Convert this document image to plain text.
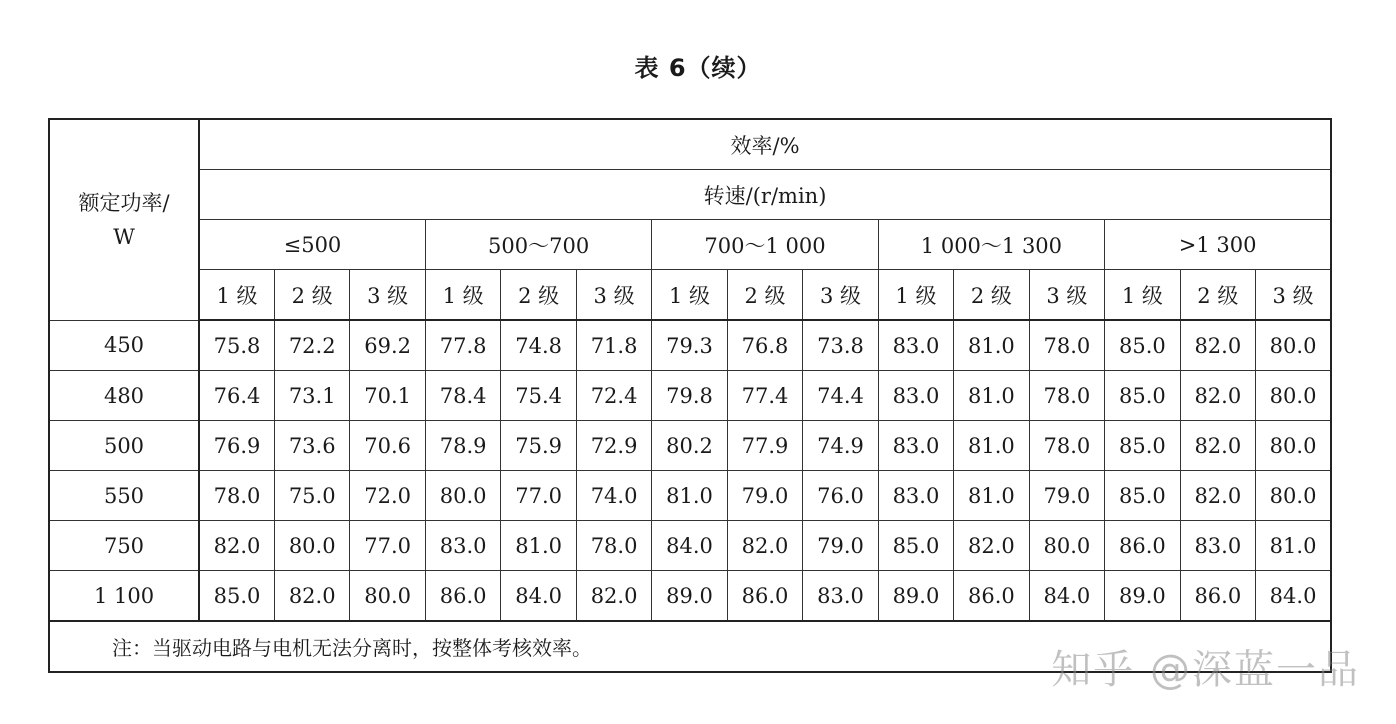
表 6（续）
额定功率/
W	效率/%														
	转速/(r/min)														
	≤500			500～700			700～1 000			1 000～1 300			>1 300		
	1 级	2 级	3 级	1 级	2 级	3 级	1 级	2 级	3 级	1 级	2 级	3 级	1 级	2 级	3 级
450	75.8	72.2	69.2	77.8	74.8	71.8	79.3	76.8	73.8	83.0	81.0	78.0	85.0	82.0	80.0
480	76.4	73.1	70.1	78.4	75.4	72.4	79.8	77.4	74.4	83.0	81.0	78.0	85.0	82.0	80.0
500	76.9	73.6	70.6	78.9	75.9	72.9	80.2	77.9	74.9	83.0	81.0	78.0	85.0	82.0	80.0
550	78.0	75.0	72.0	80.0	77.0	74.0	81.0	79.0	76.0	83.0	81.0	79.0	85.0	82.0	80.0
750	82.0	80.0	77.0	83.0	81.0	78.0	84.0	82.0	79.0	85.0	82.0	80.0	86.0	83.0	81.0
1 100	85.0	82.0	80.0	86.0	84.0	82.0	89.0	86.0	83.0	89.0	86.0	84.0	89.0	86.0	84.0
注：当驱动电路与电机无法分离时，按整体考核效率。																知乎 @深蓝一品
